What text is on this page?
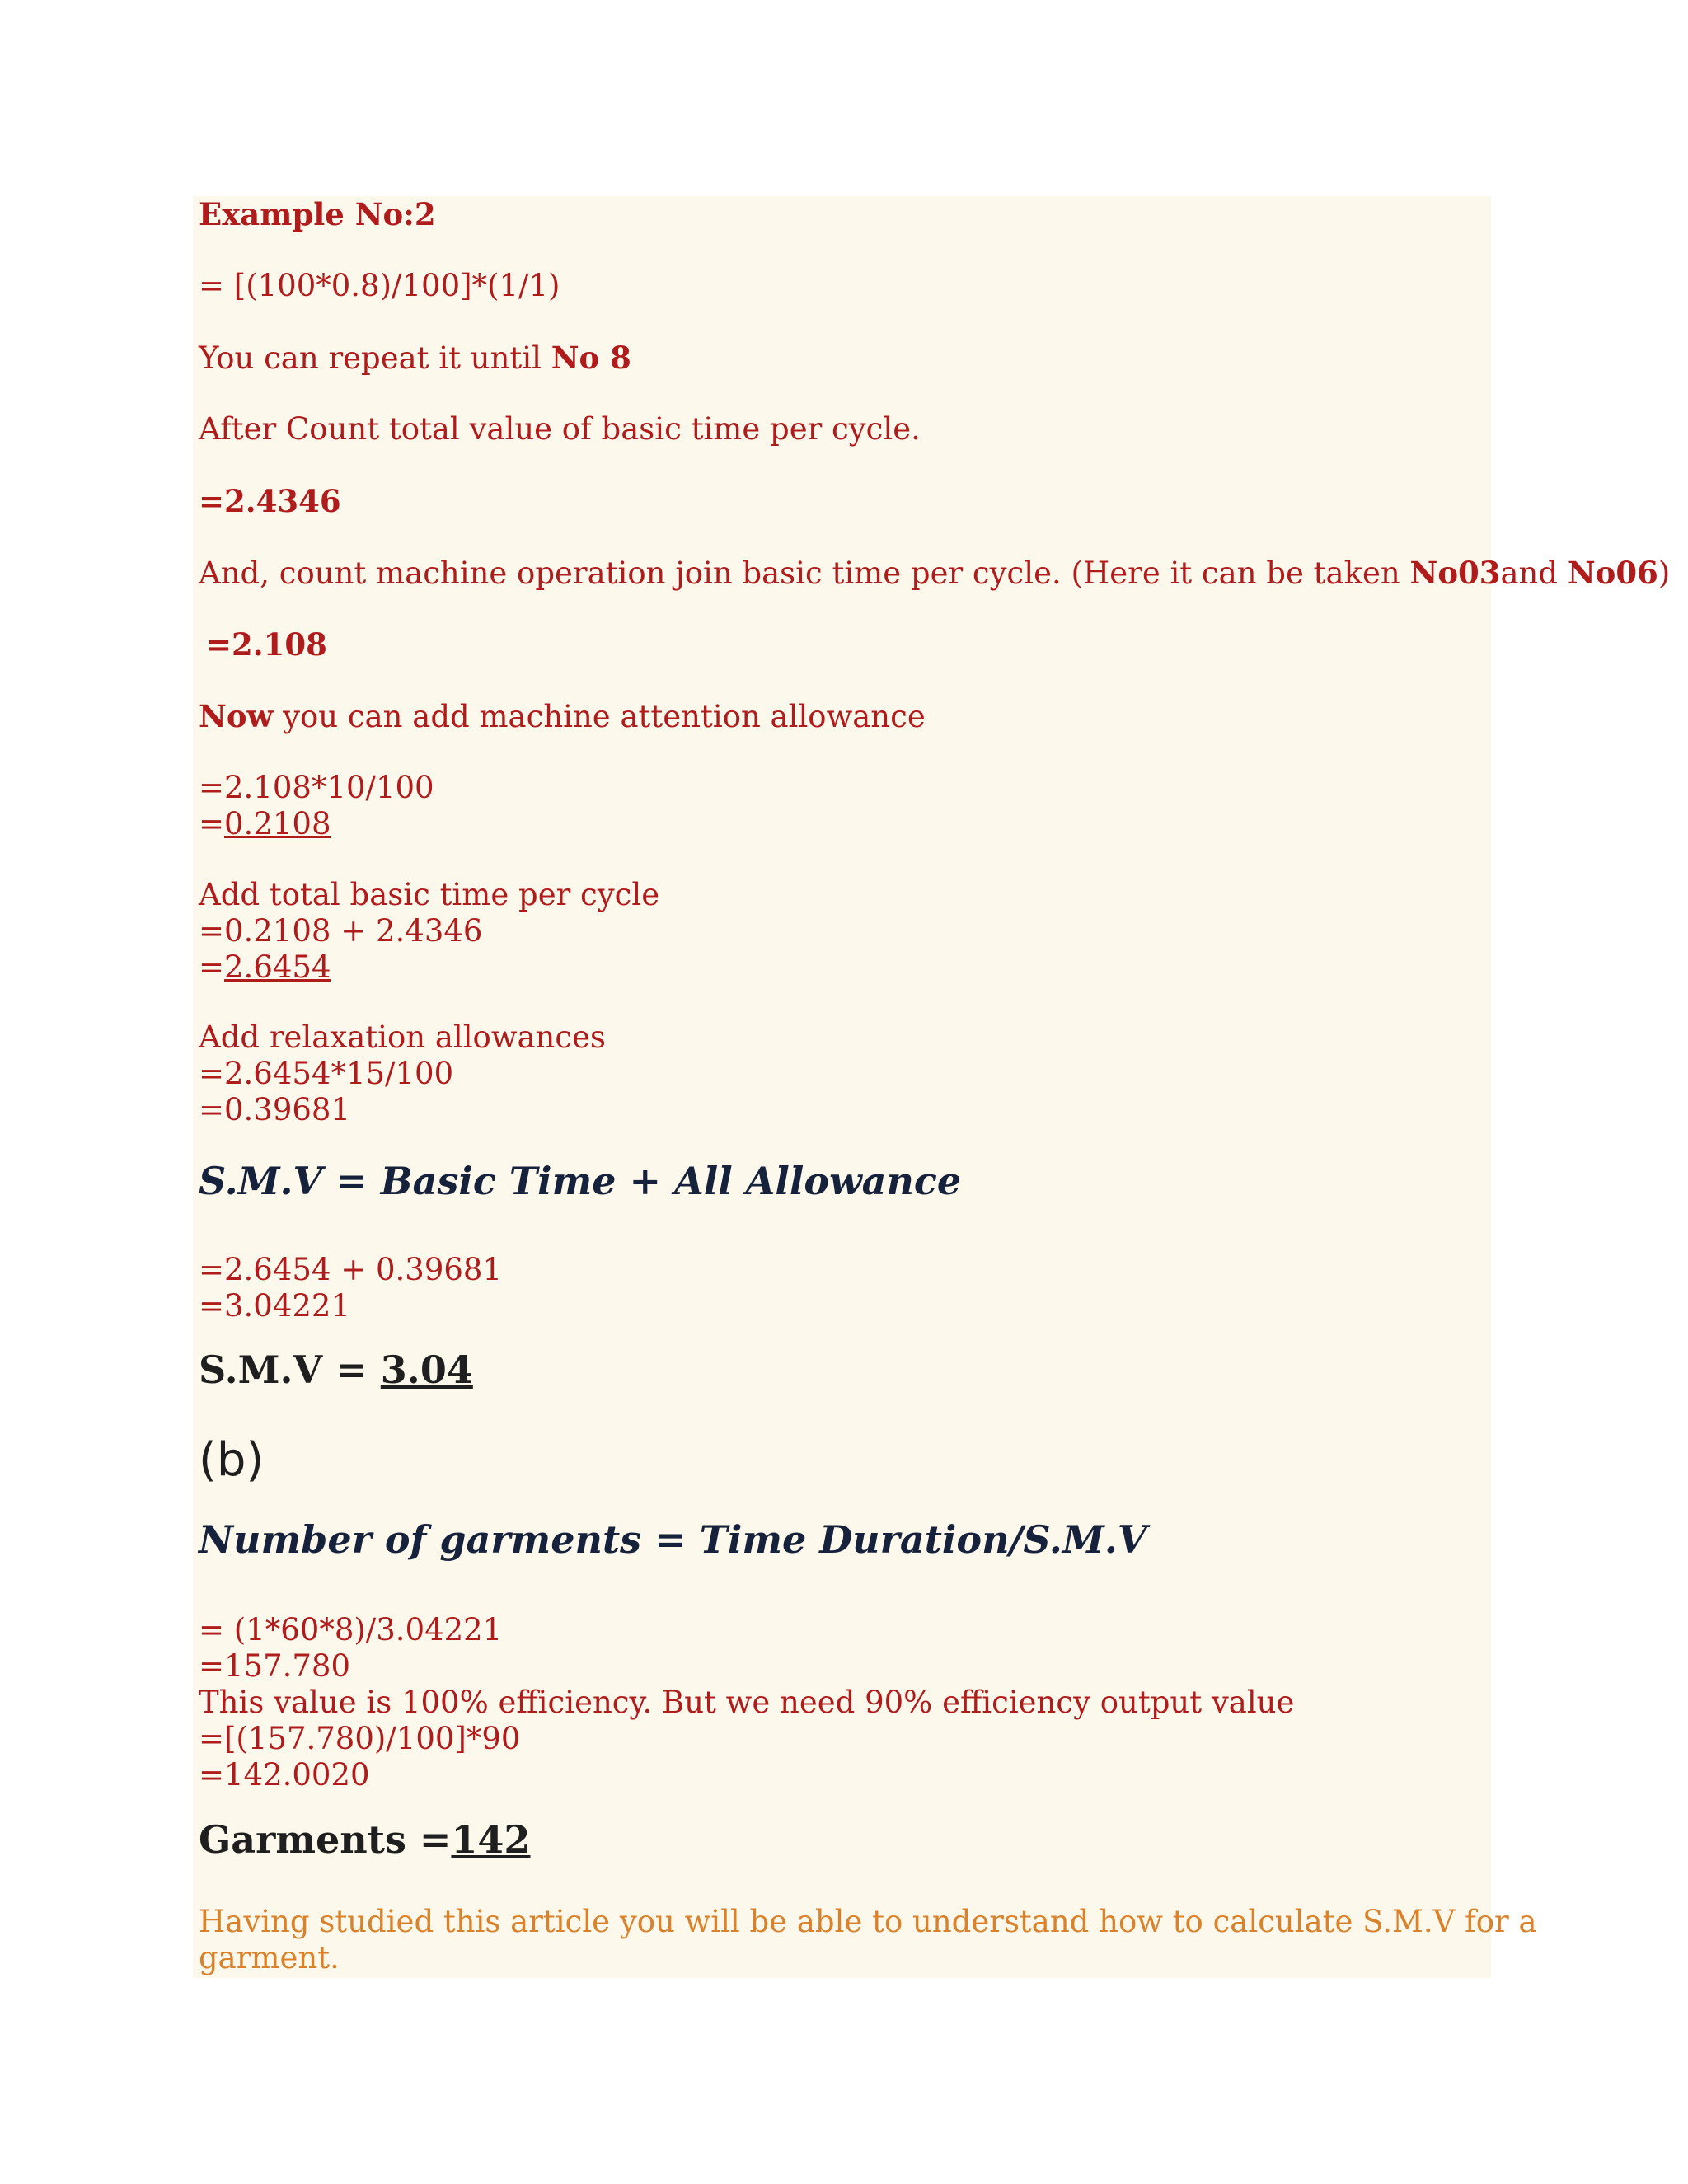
Example No:2

= [(100*0.8)/100]*(1/1)

You can repeat it until No 8

After Count total value of basic time per cycle.

=2.4346

And, count machine operation join basic time per cycle. (Here it can be taken No03and No06)

=2.108

Now you can add machine attention allowance

=2.108*10/100
=0.2108
Add total basic time per cycle
=0.2108 + 2.4346
=2.6454
Add relaxation allowances
=2.6454*15/100
=0.39681

S.M.V = Basic Time + All Allowance

=2.6454 + 0.39681
=3.04221

S.M.V = 3.04

(b)

Number of garments = Time Duration/S.M.V

= (1*60*8)/3.04221
=157.780
This value is 100% efficiency. But we need 90% efficiency output value
=[(157.780)/100]*90
=142.0020

Garments =142

Having studied this article you will be able to understand how to calculate S.M.V for a
garment.
